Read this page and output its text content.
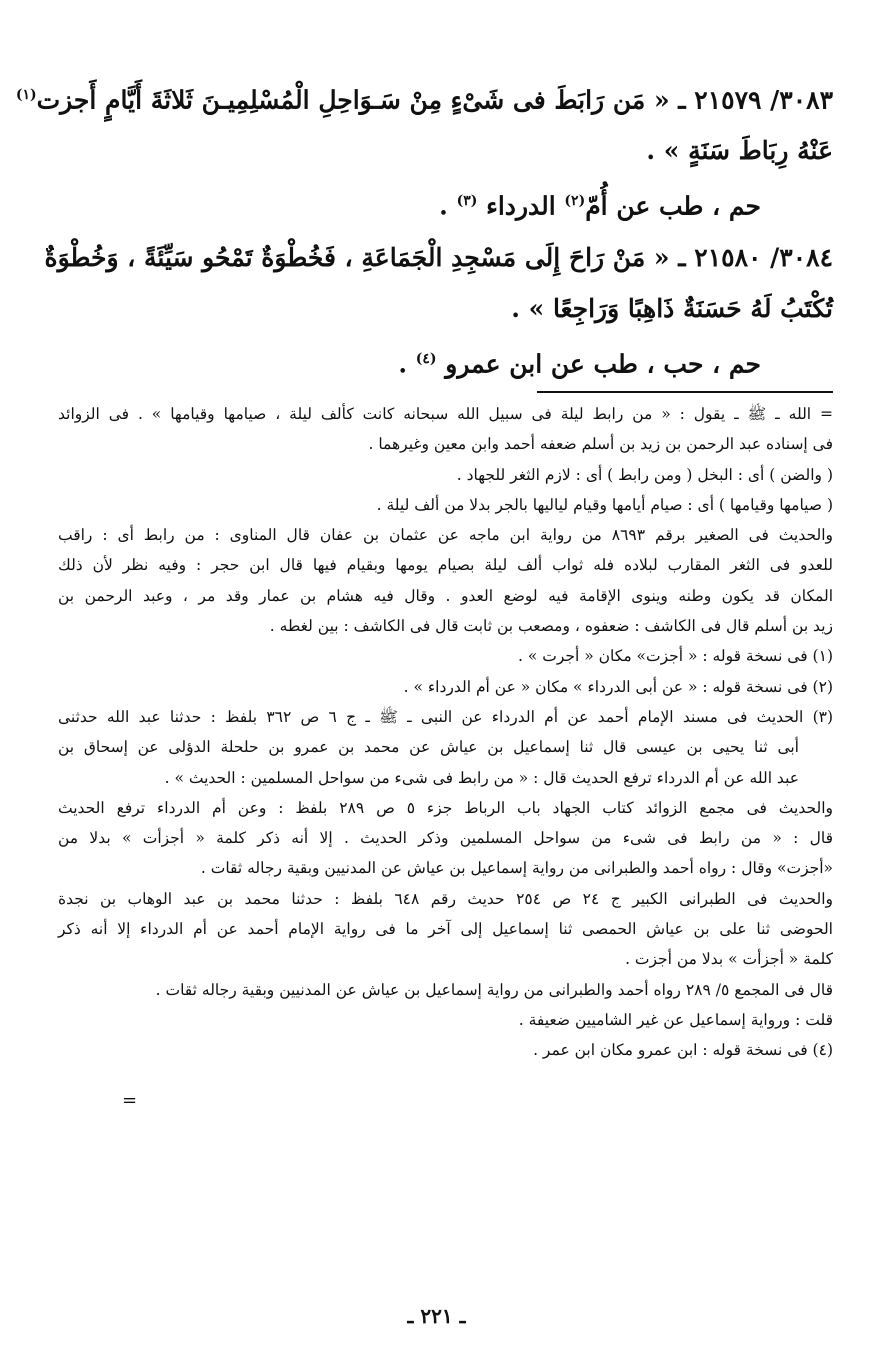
٣٠٨٣/ ٢١٥٧٩ ـ « مَن رَابَطَ فى شَىْءٍ مِنْ سَـوَاحِلِ الْمُسْلِمِيـنَ ثَلاثَةَ أَيَّامٍ أَجزت$^{(١)}$
عَنْهُ رِبَاطَ سَنَةٍ » .
حم ، طب عن أُمّ$^{(٢)}$ الدرداء $^{(٣)}$ .
٣٠٨٤/ ٢١٥٨٠ ـ « مَنْ رَاحَ إِلَى مَسْجِدِ الْجَمَاعَةِ ، فَخُطْوَةٌ تَمْحُو سَيِّئَةً ، وَخُطْوَةٌ
تُكْتَبُ لَهُ حَسَنَةٌ ذَاهِبًا وَرَاجِعًا » .
حم ، حب ، طب عن ابن عمرو $^{(٤)}$ .
= الله ـ ﷺ ـ يقول : « من رابط ليلة فى سبيل الله سبحانه كانت كألف ليلة ، صيامها وقيامها » . فى الزوائد
فى إسناده عبد الرحمن بن زيد بن أسلم ضعفه أحمد وابن معين وغيرهما .
( والضن ) أى : البخل ( ومن رابط ) أى : لازم الثغر للجهاد .
( صيامها وقيامها ) أى : صيام أيامها وقيام لياليها بالجر بدلا من ألف ليلة .
والحديث فى الصغير برقم ٨٦٩٣ من رواية ابن ماجه عن عثمان بن عفان قال المناوى : من رابط أى : راقب
للعدو فى الثغر المقارب لبلاده فله ثواب ألف ليلة بصيام يومها وبقيام فيها قال ابن حجر : وفيه نظر لأن ذلك
المكان قد يكون وطنه وينوى الإقامة فيه لوضع العدو . وقال فيه هشام بن عمار وقد مر ، وعبد الرحمن بن
زيد بن أسلم قال فى الكاشف : ضعفوه ، ومصعب بن ثابت قال فى الكاشف : بين لغطه .
(١) فى نسخة قوله : « أجزت» مكان « أجرت » .
(٢) فى نسخة قوله : « عن أبى الدرداء » مكان « عن أم الدرداء » .
(٣) الحديث فى مسند الإمام أحمد عن أم الدرداء عن النبى ـ ﷺ ـ ج ٦ ص ٣٦٢ بلفظ : حدثنا عبد الله حدثنى
أبى ثنا يحيى بن عيسى قال ثنا إسماعيل بن عياش عن محمد بن عمرو بن حلحلة الدؤلى عن إسحاق بن
عبد الله عن أم الدرداء ترفع الحديث قال : « من رابط فى شىء من سواحل المسلمين : الحديث » .
والحديث فى مجمع الزوائد كتاب الجهاد باب الرباط جزء ٥ ص ٢٨٩ بلفظ : وعن أم الدرداء ترفع الحديث
قال : « من رابط فى شىء من سواحل المسلمين وذكر الحديث . إلا أنه ذكر كلمة « أجزأت » بدلا من
«أجزت» وقال : رواه أحمد والطبرانى من رواية إسماعيل بن عياش عن المدنيين وبقية رجاله ثقات .
والحديث فى الطبرانى الكبير ج ٢٤ ص ٢٥٤ حديث رقم ٦٤٨ بلفظ : حدثنا محمد بن عبد الوهاب بن نجدة
الحوضى ثنا على بن عياش الحمصى ثنا إسماعيل إلى آخر ما فى رواية الإمام أحمد عن أم الدرداء إلا أنه ذكر
كلمة « أجزأت » بدلا من أجزت .
قال فى المجمع ٥/ ٢٨٩ رواه أحمد والطبرانى من رواية إسماعيل بن عياش عن المدنيين وبقية رجاله ثقات .
قلت : ورواية إسماعيل عن غير الشاميين ضعيفة .
(٤) فى نسخة قوله : ابن عمرو مكان ابن عمر .
=
ـ ٢٢١ ـ
